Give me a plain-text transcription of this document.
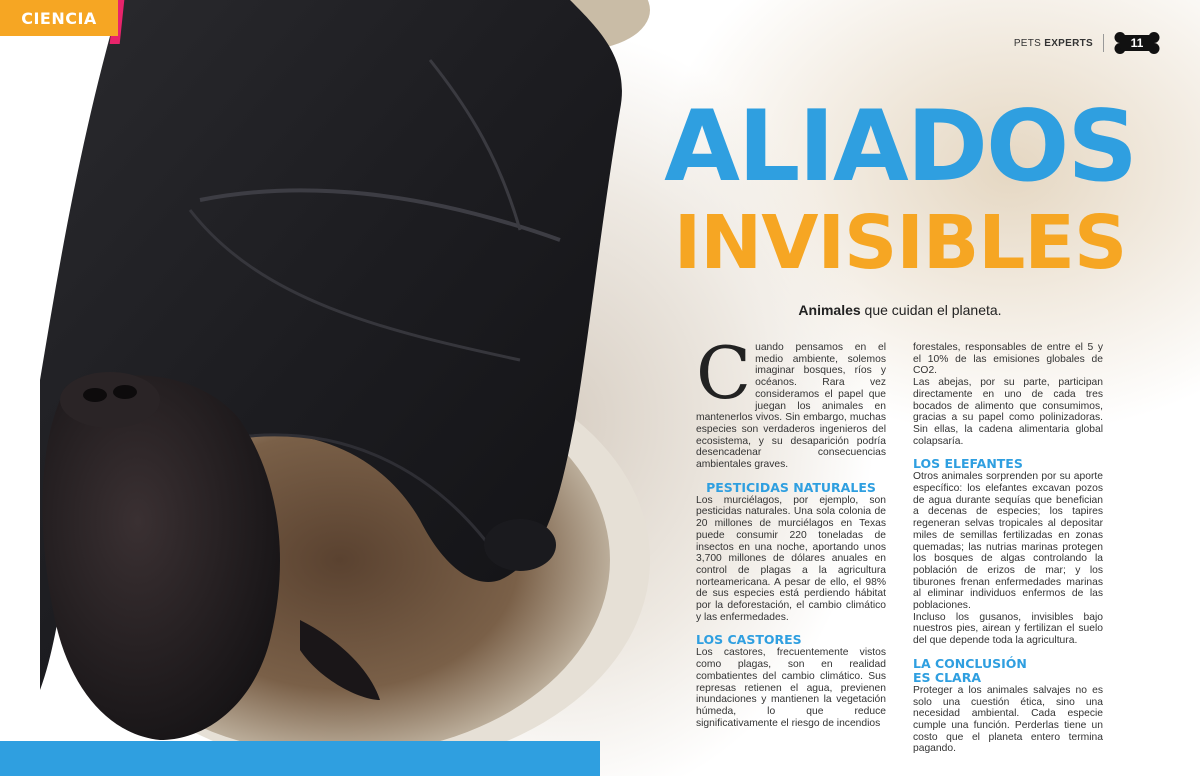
CIENCIA
PETS EXPERTS	11
ALIADOS
INVISIBLES
Animales que cuidan el planeta.

Cuando pensamos en el medio ambiente, solemos imaginar bosques, ríos y océanos. Rara vez consideramos el papel que juegan los animales en mantenerlos vivos. Sin embargo, muchas especies son verdaderos ingenieros del ecosistema, y su desaparición podría desencadenar consecuencias ambientales graves.

PESTICIDAS NATURALES

Los murciélagos, por ejemplo, son pesticidas naturales. Una sola colonia de 20 millones de murciélagos en Texas puede consumir 220 toneladas de insectos en una noche, aportando unos 3,700 millones de dólares anuales en control de plagas a la agricultura norteamericana. A pesar de ello, el 98% de sus especies está perdiendo hábitat por la deforestación, el cambio climático y las enfermedades.

LOS CASTORES

Los castores, frecuentemente vistos como plagas, son en realidad combatientes del cambio climático. Sus represas retienen el agua, previenen inundaciones y mantienen la vegetación húmeda, lo que reduce significativamente el riesgo de incendios

forestales, responsables de entre el 5 y el 10% de las emisiones globales de CO2.

Las abejas, por su parte, participan directamente en uno de cada tres bocados de alimento que consumimos, gracias a su papel como polinizadoras. Sin ellas, la cadena alimentaria global colapsaría.

LOS ELEFANTES

Otros animales sorprenden por su aporte específico: los elefantes excavan pozos de agua durante sequías que benefician a decenas de especies; los tapires regeneran selvas tropicales al depositar miles de semillas fertilizadas en zonas quemadas; las nutrias marinas protegen los bosques de algas controlando la población de erizos de mar; y los tiburones frenan enfermedades marinas al eliminar individuos enfermos de las poblaciones.

Incluso los gusanos, invisibles bajo nuestros pies, airean y fertilizan el suelo del que depende toda la agricultura.

LA CONCLUSIÓN
ES CLARA

Proteger a los animales salvajes no es solo una cuestión ética, sino una necesidad ambiental. Cada especie cumple una función. Perderlas tiene un costo que el planeta entero termina pagando.
